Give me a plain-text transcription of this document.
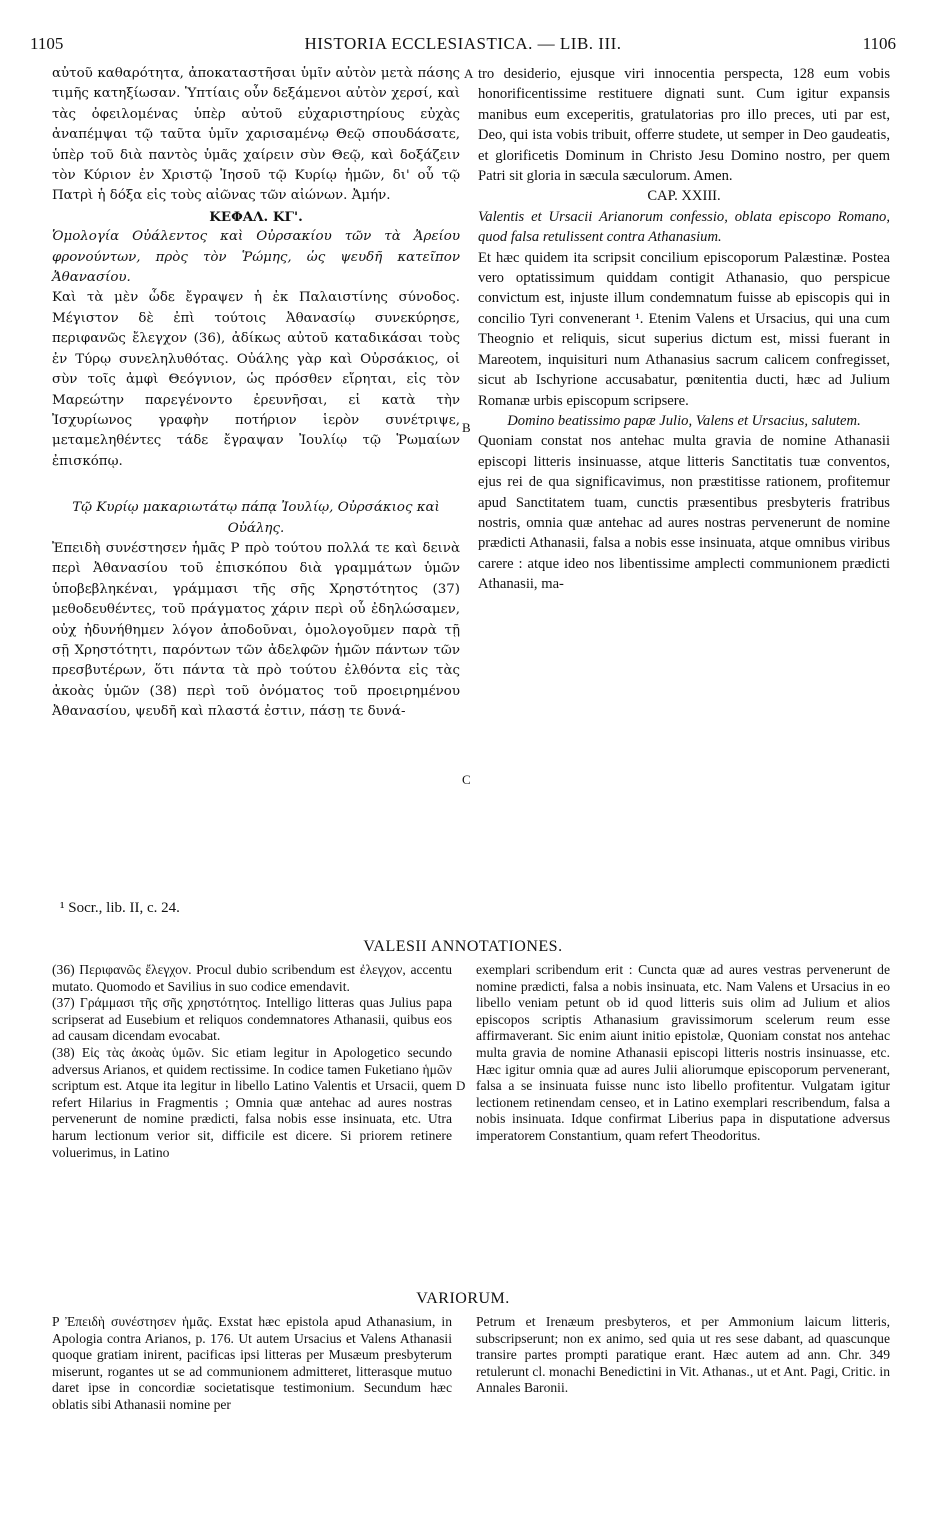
1105	HISTORIA ECCLESIASTICA. — LIB. III.	1106

αὐτοῦ καθαρότητα, ἀποκαταστῆσαι ὑμῖν αὐτὸν μετὰ πάσης τιμῆς κατηξίωσαν. Ὑπτίαις οὖν δεξάμενοι αὐτὸν χερσί, καὶ τὰς ὀφειλομένας ὑπὲρ αὐτοῦ εὐχαριστηρίους εὐχὰς ἀναπέμψαι τῷ ταῦτα ὑμῖν χαρισαμένῳ Θεῷ σπουδάσατε, ὑπὲρ τοῦ διὰ παντὸς ὑμᾶς χαίρειν σὺν Θεῷ, καὶ δοξάζειν τὸν Κύριον ἐν Χριστῷ Ἰησοῦ τῷ Κυρίῳ ἡμῶν, δι' οὗ τῷ Πατρὶ ἡ δόξα εἰς τοὺς αἰῶνας τῶν αἰώνων. Ἀμήν.

ΚΕΦΑΛ. ΚΓ'.

Ὁμολογία Οὐάλεντος καὶ Οὐρσακίου τῶν τὰ Ἀρείου φρονούντων, πρὸς τὸν Ῥώμης, ὡς ψευδῆ κατεῖπον Ἀθανασίου.

Καὶ τὰ μὲν ὧδε ἔγραψεν ἡ ἐκ Παλαιστίνης σύνοδος. Μέγιστον δὲ ἐπὶ τούτοις Ἀθανασίῳ συνεκύρησε, περιφανῶς ἔλεγχον (36), ἀδίκως αὐτοῦ καταδικάσαι τοὺς ἐν Τύρῳ συνεληλυθότας. Οὐάλης γὰρ καὶ Οὐρσάκιος, οἱ σὺν τοῖς ἀμφὶ Θεόγνιον, ὡς πρόσθεν εἴρηται, εἰς τὸν Μαρεώτην παρεγένοντο ἐρευνῆσαι, εἰ κατὰ τὴν Ἰσχυρίωνος γραφὴν ποτήριον ἱερὸν συνέτριψε, μεταμεληθέντες τάδε ἔγραψαν Ἰουλίῳ τῷ Ῥωμαίων ἐπισκόπῳ.

Τῷ Κυρίῳ μακαριωτάτῳ πάπᾳ Ἰουλίῳ, Οὐρσάκιος καὶ Οὐάλης.

Ἐπειδὴ συνέστησεν ἡμᾶς P πρὸ τούτου πολλά τε καὶ δεινὰ περὶ Ἀθανασίου τοῦ ἐπισκόπου διὰ γραμμάτων ὑμῶν ὑποβεβληκέναι, γράμμασι τῆς σῆς Χρηστότητος (37) μεθοδευθέντες, τοῦ πράγματος χάριν περὶ οὗ ἐδηλώσαμεν, οὐχ ἠδυνήθημεν λόγον ἀποδοῦναι, ὁμολογοῦμεν παρὰ τῇ σῇ Χρηστότητι, παρόντων τῶν ἀδελφῶν ἡμῶν πάντων τῶν πρεσβυτέρων, ὅτι πάντα τὰ πρὸ τούτου ἐλθόντα εἰς τὰς ἀκοὰς ὑμῶν (38) περὶ τοῦ ὀνόματος τοῦ προειρημένου Ἀθανασίου, ψευδῆ καὶ πλαστά ἐστιν, πάσῃ τε δυνά-

tro desiderio, ejusque viri innocentia perspecta, 128 eum vobis honorificentissime restituere dignati sunt. Cum igitur expansis manibus eum exceperitis, gratulatorias pro illo preces, uti par est, Deo, qui ista vobis tribuit, offerre studete, ut semper in Deo gaudeatis, et glorificetis Dominum in Christo Jesu Domino nostro, per quem Patri sit gloria in sæcula sæculorum. Amen.

CAP. XXIII.

Valentis et Ursacii Arianorum confessio, oblata episcopo Romano, quod falsa retulissent contra Athanasium.

Et hæc quidem ita scripsit concilium episcoporum Palæstinæ. Postea vero optatissimum quiddam contigit Athanasio, quo perspicue convictum est, injuste illum condemnatum fuisse ab episcopis qui in concilio Tyri convenerant ¹. Etenim Valens et Ursacius, qui una cum Theognio et reliquis, sicut superius dictum est, missi fuerant in Mareotem, inquisituri num Athanasius sacrum calicem confregisset, sicut ab Ischyrione accusabatur, pœnitentia ducti, hæc ad Julium Romanæ urbis episcopum scripsere.

Domino beatissimo papæ Julio, Valens et Ursacius, salutem.

Quoniam constat nos antehac multa gravia de nomine Athanasii episcopi litteris insinuasse, atque litteris Sanctitatis tuæ conventos, ejus rei de qua significavimus, non præstitisse rationem, profitemur apud Sanctitatem tuam, cunctis præsentibus presbyteris fratribus nostris, omnia quæ antehac ad aures nostras pervenerunt de nomine prædicti Athanasii, falsa a nobis esse insinuata, atque omnibus viribus carere : atque ideo nos libentissime amplecti communionem prædicti Athanasii, ma-

A
B
C
D
¹ Socr., lib. II, c. 24.
VALESII ANNOTATIONES.

(36) Περιφανῶς ἔλεγχον. Procul dubio scribendum est ἐλεγχον, accentu mutato. Quomodo et Savilius in suo codice emendavit.

(37) Γράμμασι τῆς σῆς χρηστότητος. Intelligo litteras quas Julius papa scripserat ad Eusebium et reliquos condemnatores Athanasii, quibus eos ad causam dicendam evocabat.

(38) Εἰς τὰς ἀκοὰς ὑμῶν. Sic etiam legitur in Apologetico secundo adversus Arianos, et quidem rectissime. In codice tamen Fuketiano ἡμῶν scriptum est. Atque ita legitur in libello Latino Valentis et Ursacii, quem refert Hilarius in Fragmentis ; Omnia quæ antehac ad aures nostras pervenerunt de nomine prædicti, falsa nobis esse insinuata, etc. Utra harum lectionum verior sit, difficile est dicere. Si priorem retinere voluerimus, in Latino

exemplari scribendum erit : Cuncta quæ ad aures vestras pervenerunt de nomine prædicti, falsa a nobis insinuata, etc. Nam Valens et Ursacius in eo libello veniam petunt ob id quod litteris suis olim ad Julium et alios episcopos scriptis Athanasium gravissimorum scelerum reum esse affirmaverant. Sic enim aiunt initio epistolæ, Quoniam constat nos antehac multa gravia de nomine Athanasii episcopi litteris nostris insinuasse, etc. Hæc igitur omnia quæ ad aures Julii aliorumque episcoporum pervenerant, falsa a se insinuata fuisse nunc isto libello profitentur. Vulgatam igitur lectionem retinendam censeo, et in Latino exemplari rescribendum, falsa a nobis insinuata. Idque confirmat Liberius papa in disputatione adversus imperatorem Constantium, quam refert Theodoritus.

VARIORUM.

P Ἐπειδὴ συνέστησεν ἡμᾶς. Exstat hæc epistola apud Athanasium, in Apologia contra Arianos, p. 176. Ut autem Ursacius et Valens Athanasii quoque gratiam inirent, pacificas ipsi litteras per Musæum presbyterum miserunt, rogantes ut se ad communionem admitteret, litterasque mutuo daret ipse in concordiæ societatisque testimonium. Secundum hæc oblatis sibi Athanasii nomine per

Petrum et Irenæum presbyteros, et per Ammonium laicum litteris, subscripserunt; non ex animo, sed quia ut res sese dabant, ad quascunque transire partes prompti paratique erant. Hæc autem ad ann. Chr. 349 retulerunt cl. monachi Benedictini in Vit. Athanas., ut et Ant. Pagi, Critic. in Annales Baronii.
